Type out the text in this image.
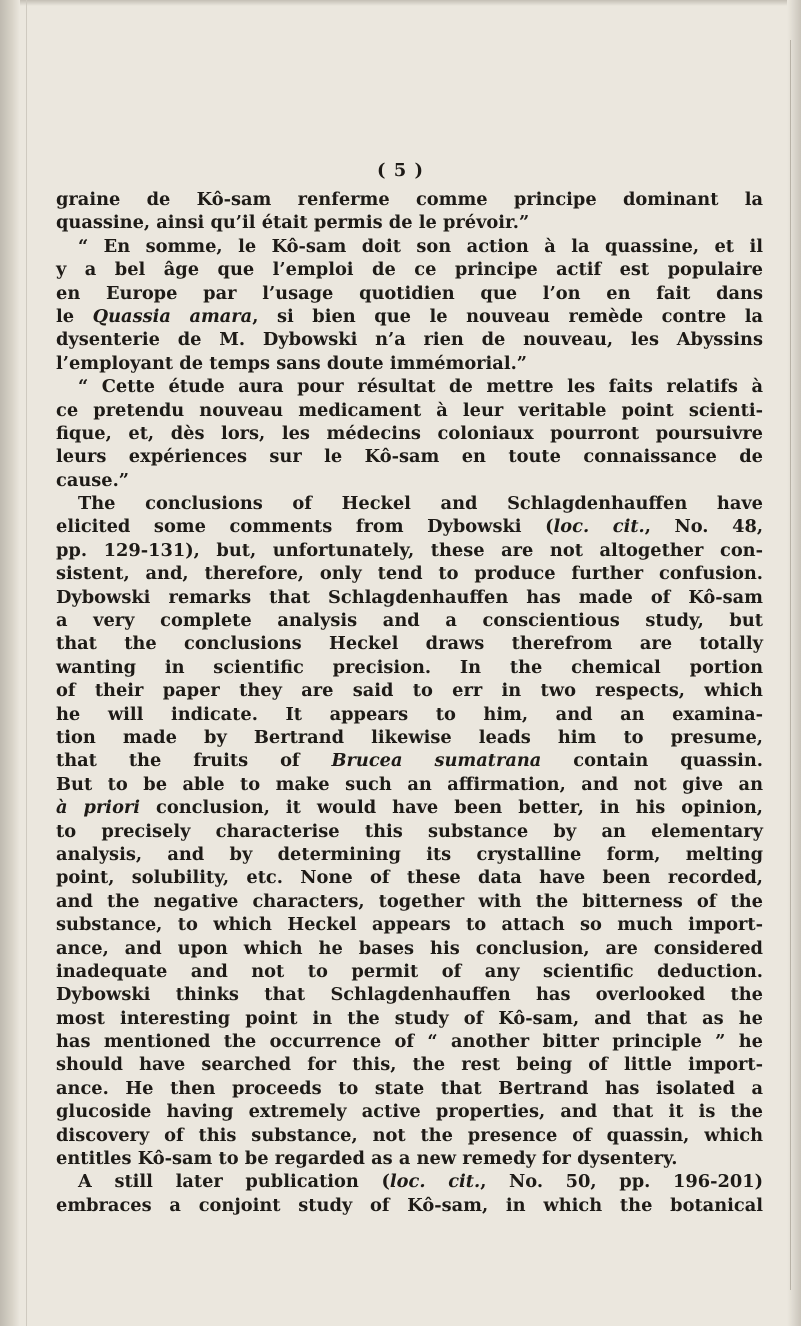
( 5 )
graine de Kô-sam renferme comme principe dominant la
quassine, ainsi qu’il était permis de le prévoir.”
“ En somme, le Kô-sam doit son action à la quassine, et il
y a bel âge que l’emploi de ce principe actif est populaire
en Europe par l’usage quotidien que l’on en fait dans
le Quassia amara, si bien que le nouveau remède contre la
dysenterie de M. Dybowski n’a rien de nouveau, les Abyssins
l’employant de temps sans doute immémorial.”
“ Cette étude aura pour résultat de mettre les faits relatifs à
ce pretendu nouveau medicament à leur veritable point scienti-
fique, et, dès lors, les médecins coloniaux pourront poursuivre
leurs expériences sur le Kô-sam en toute connaissance de
cause.”
The conclusions of Heckel and Schlagdenhauffen have
elicited some comments from Dybowski (loc. cit., No. 48,
pp. 129-131), but, unfortunately, these are not altogether con-
sistent, and, therefore, only tend to produce further confusion.
Dybowski remarks that Schlagdenhauffen has made of Kô-sam
a very complete analysis and a conscientious study, but
that the conclusions Heckel draws therefrom are totally
wanting in scientific precision. In the chemical portion
of their paper they are said to err in two respects, which
he will indicate. It appears to him, and an examina-
tion made by Bertrand likewise leads him to presume,
that the fruits of Brucea sumatrana contain quassin.
But to be able to make such an affirmation, and not give an
à priori conclusion, it would have been better, in his opinion,
to precisely characterise this substance by an elementary
analysis, and by determining its crystalline form, melting
point, solubility, etc. None of these data have been recorded,
and the negative characters, together with the bitterness of the
substance, to which Heckel appears to attach so much import-
ance, and upon which he bases his conclusion, are considered
inadequate and not to permit of any scientific deduction.
Dybowski thinks that Schlagdenhauffen has overlooked the
most interesting point in the study of Kô-sam, and that as he
has mentioned the occurrence of “ another bitter principle ” he
should have searched for this, the rest being of little import-
ance. He then proceeds to state that Bertrand has isolated a
glucoside having extremely active properties, and that it is the
discovery of this substance, not the presence of quassin, which
entitles Kô-sam to be regarded as a new remedy for dysentery.
A still later publication (loc. cit., No. 50, pp. 196-201)
embraces a conjoint study of Kô-sam, in which the botanical
